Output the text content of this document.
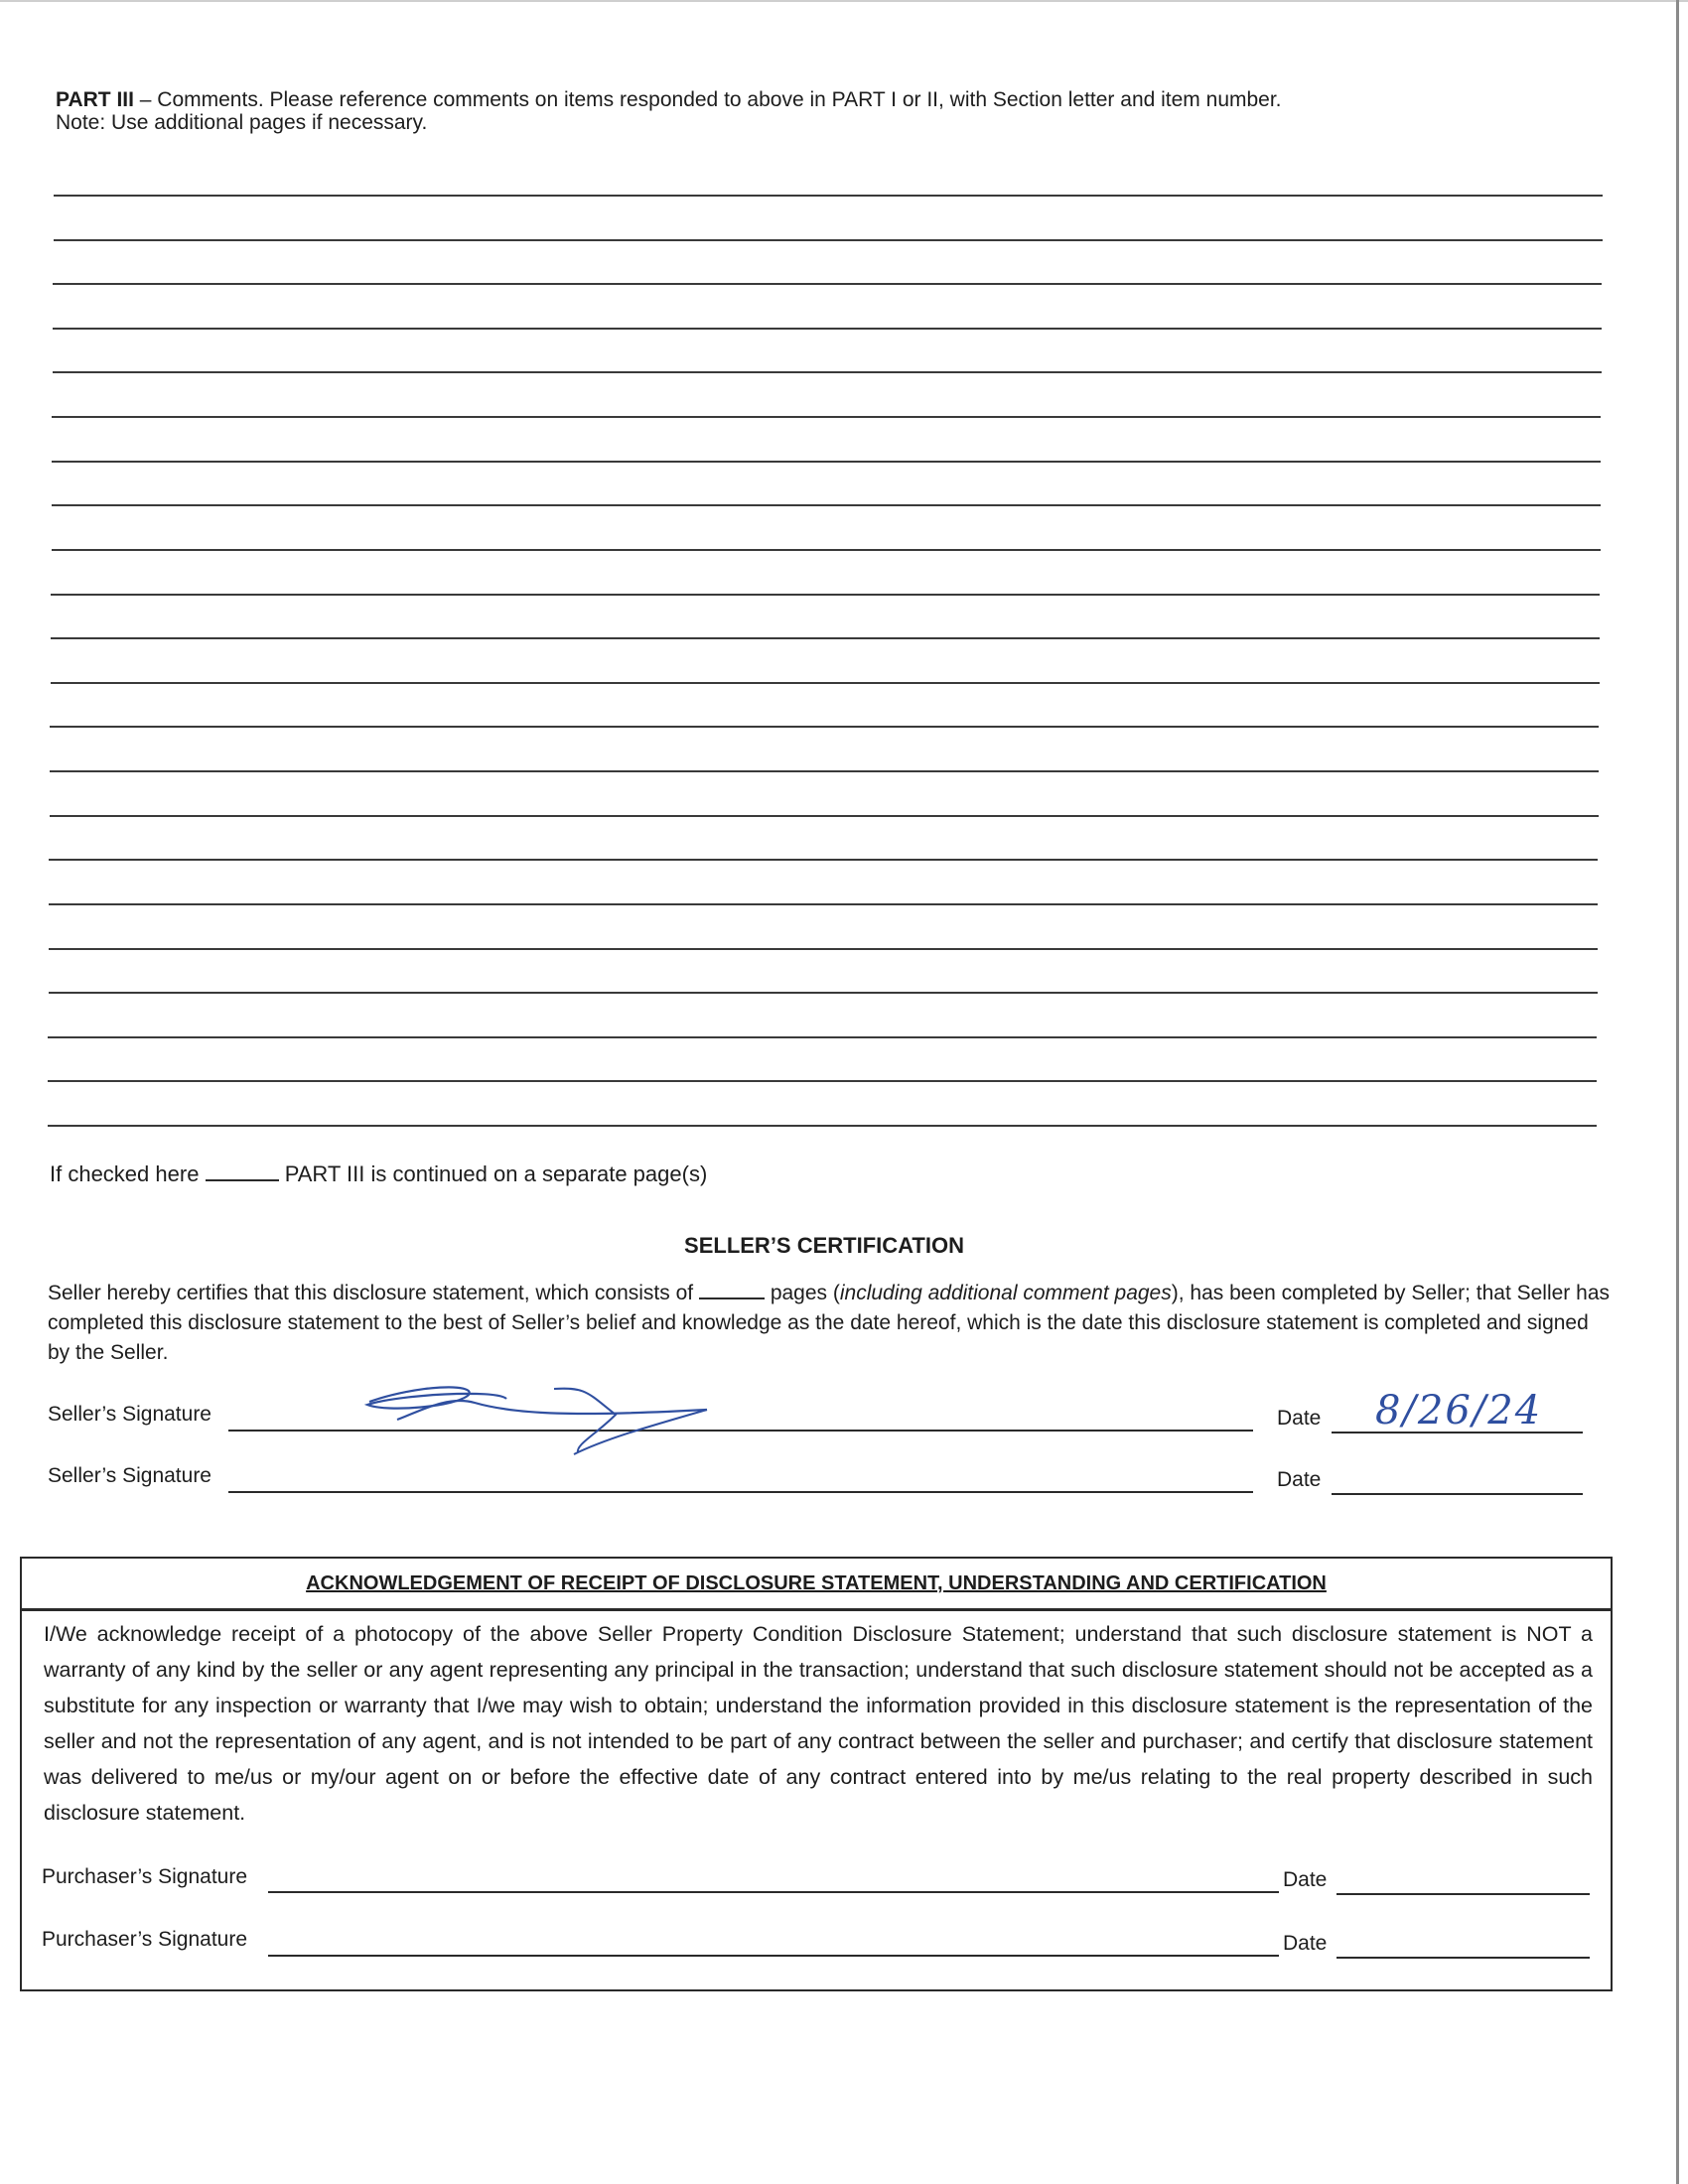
PART III – Comments. Please reference comments on items responded to above in PART I or II, with Section letter and item number.
Note: Use additional pages if necessary.
If checked here	PART III is continued on a separate page(s)
SELLER’S CERTIFICATION
Seller hereby certifies that this disclosure statement, which consists of	pages (including additional comment pages), has been completed by Seller; that Seller has completed this disclosure statement to the best of Seller’s belief and knowledge as the date hereof, which is the date this disclosure statement is completed and signed by the Seller.
Seller’s Signature	Date 8/26/24
Seller’s Signature	Date
ACKNOWLEDGEMENT OF RECEIPT OF DISCLOSURE STATEMENT, UNDERSTANDING AND CERTIFICATION
I/We acknowledge receipt of a photocopy of the above Seller Property Condition Disclosure Statement; understand that such disclosure statement is NOT a warranty of any kind by the seller or any agent representing any principal in the transaction; understand that such disclosure statement should not be accepted as a substitute for any inspection or warranty that I/we may wish to obtain; understand the information provided in this disclosure statement is the representation of the seller and not the representation of any agent, and is not intended to be part of any contract between the seller and purchaser; and certify that disclosure statement was delivered to me/us or my/our agent on or before the effective date of any contract entered into by me/us relating to the real property described in such disclosure statement.
Purchaser’s Signature	Date
Purchaser’s Signature	Date
